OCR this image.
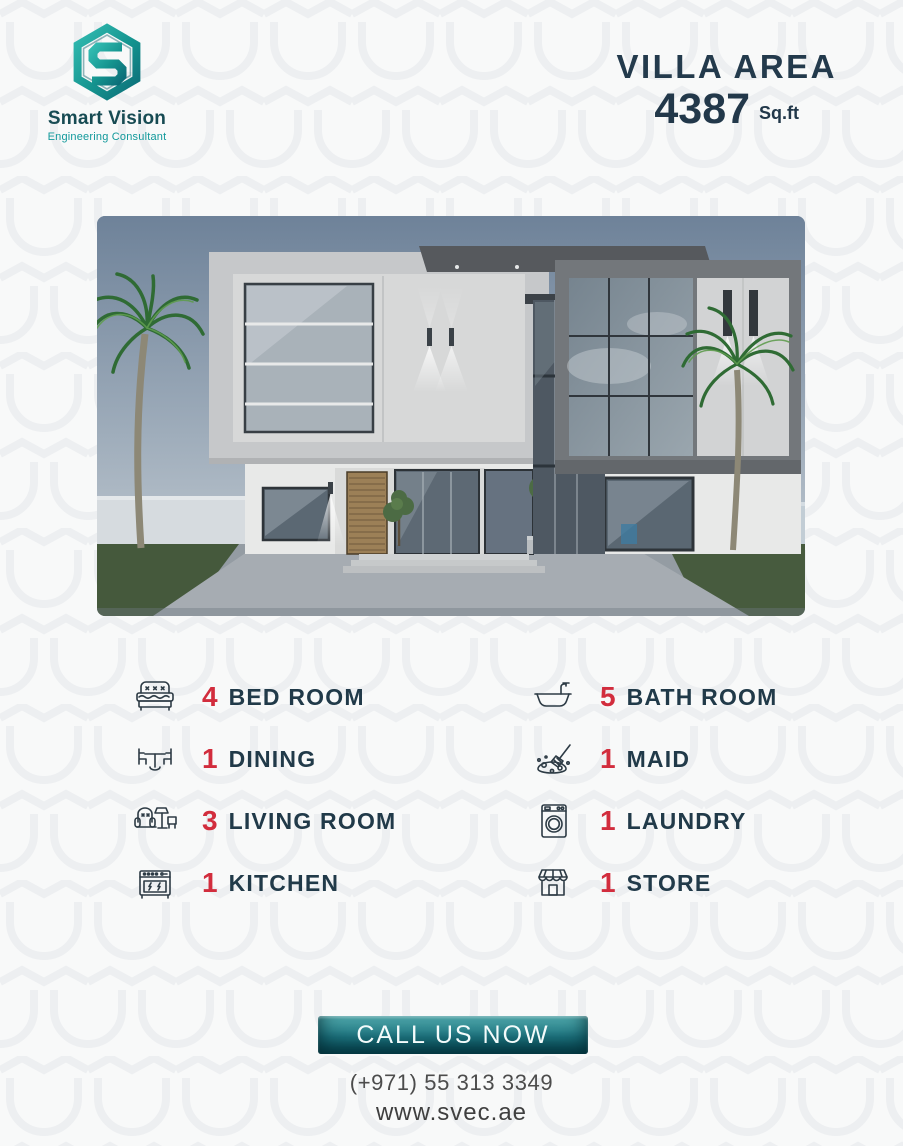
Smart Vision
Engineering Consultant
VILLA AREA
4387 Sq.ft
4 BED ROOM	5 BATH ROOM
1 DINING	1 MAID
3 LIVING ROOM	1 LAUNDRY
1 KITCHEN	1 STORE
CALL US NOW
(+971) 55 313 3349
www.svec.ae
